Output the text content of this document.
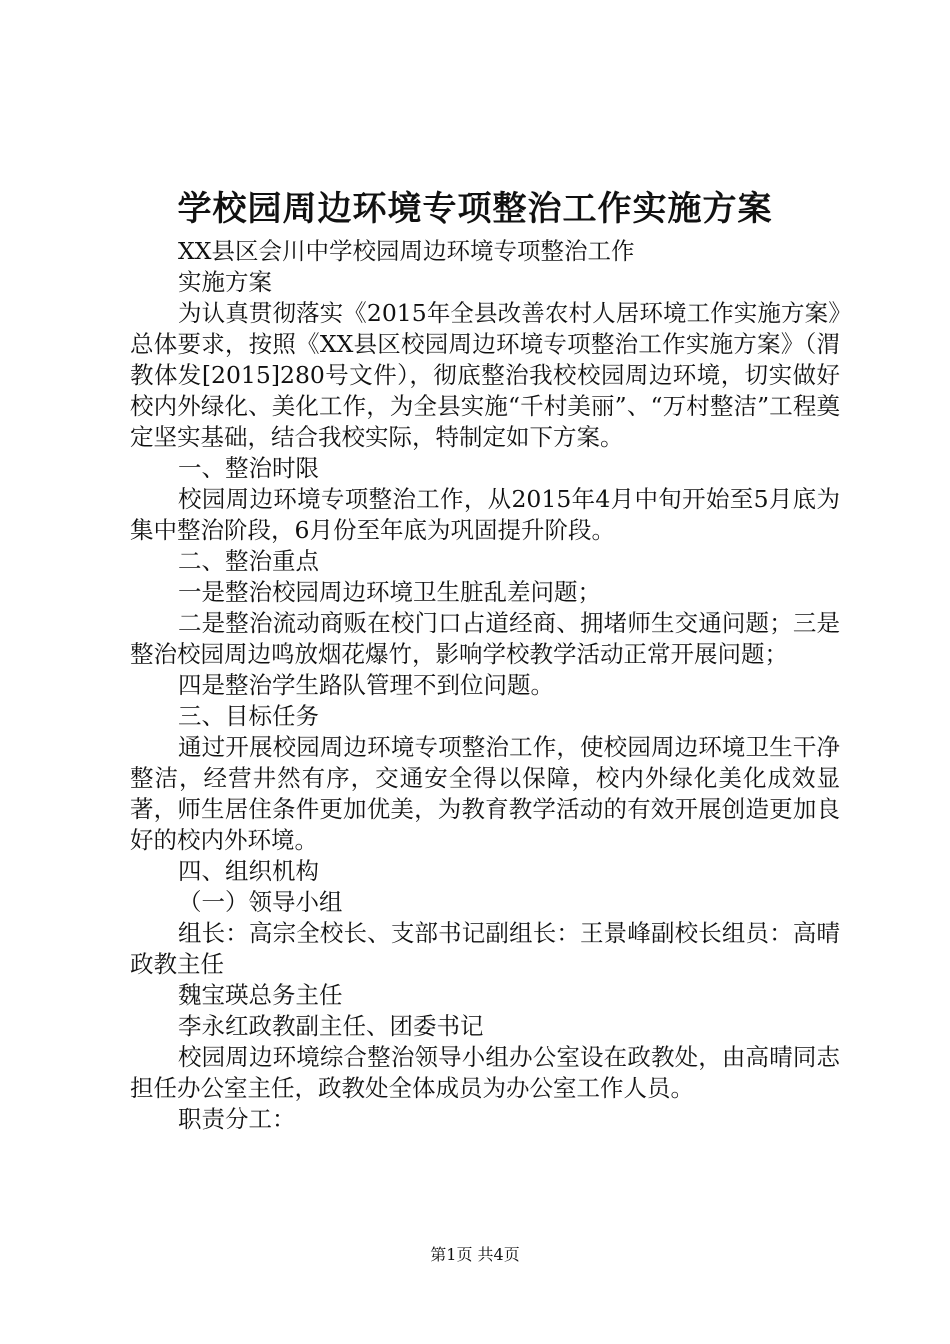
学校园周边环境专项整治工作实施方案

XX县区会川中学校园周边环境专项整治工作

实施方案

为认真贯彻落实《2015年全县改善农村人居环境工作实施方案》总体要求，按照《XX县区校园周边环境专项整治工作实施方案》（渭教体发[2015]280号文件），彻底整治我校校园周边环境，切实做好校内外绿化、美化工作，为全县实施“千村美丽”、“万村整洁”工程奠定坚实基础，结合我校实际，特制定如下方案。

一、整治时限

校园周边环境专项整治工作，从2015年4月中旬开始至5月底为集中整治阶段，6月份至年底为巩固提升阶段。

二、整治重点

一是整治校园周边环境卫生脏乱差问题；

二是整治流动商贩在校门口占道经商、拥堵师生交通问题；三是整治校园周边鸣放烟花爆竹，影响学校教学活动正常开展问题；

四是整治学生路队管理不到位问题。

三、目标任务

通过开展校园周边环境专项整治工作，使校园周边环境卫生干净整洁，经营井然有序，交通安全得以保障，校内外绿化美化成效显著，师生居住条件更加优美，为教育教学活动的有效开展创造更加良好的校内外环境。

四、组织机构

（一）领导小组

组长：高宗全校长、支部书记副组长：王景峰副校长组员：高晴政教主任

魏宝瑛总务主任

李永红政教副主任、团委书记

校园周边环境综合整治领导小组办公室设在政教处，由高晴同志担任办公室主任，政教处全体成员为办公室工作人员。

职责分工：

第1页 共4页
